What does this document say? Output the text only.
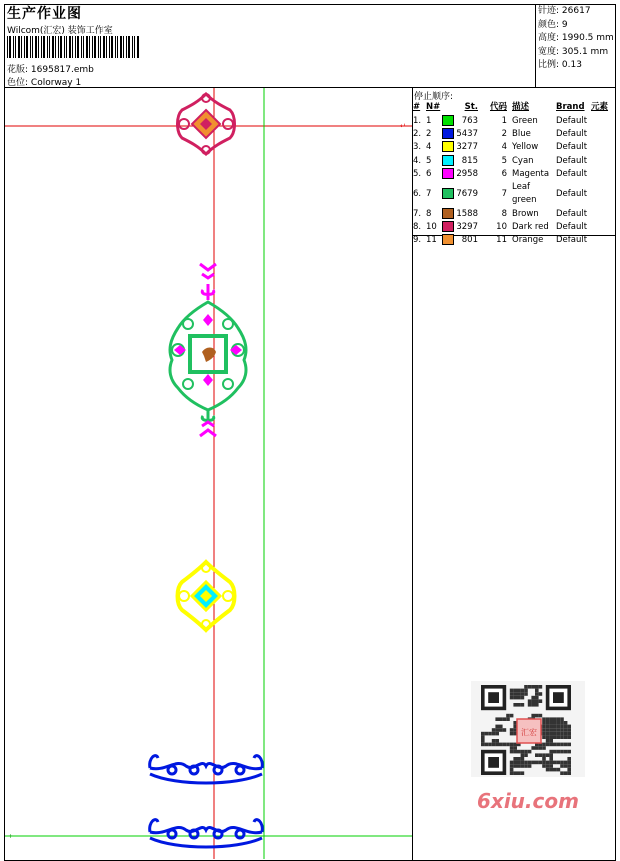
生产作业图
Wilcom(汇宏) 装饰工作室
花版: 1695817.emb
色位: Colorway 1
针迹: 26617
颜色: 9
高度: 1990.5 mm
宽度: 305.1 mm
比例: 0.13
停止顺序:
#	N#		St.	代码	描述	Brand	元素
1.	1		763	1	Green	Default	
2.	2		5437	2	Blue	Default	
3.	4		3277	4	Yellow	Default	
4.	5		815	5	Cyan	Default	
5.	6		2958	6	Magenta	Default	
6.	7		7679	7	Leaf green	Default	
7.	8		1588	8	Brown	Default	
8.	10		3297	10	Dark red	Default	
9.	11		801	11	Orange	Default	
↵
+
汇宏
6xiu.com
